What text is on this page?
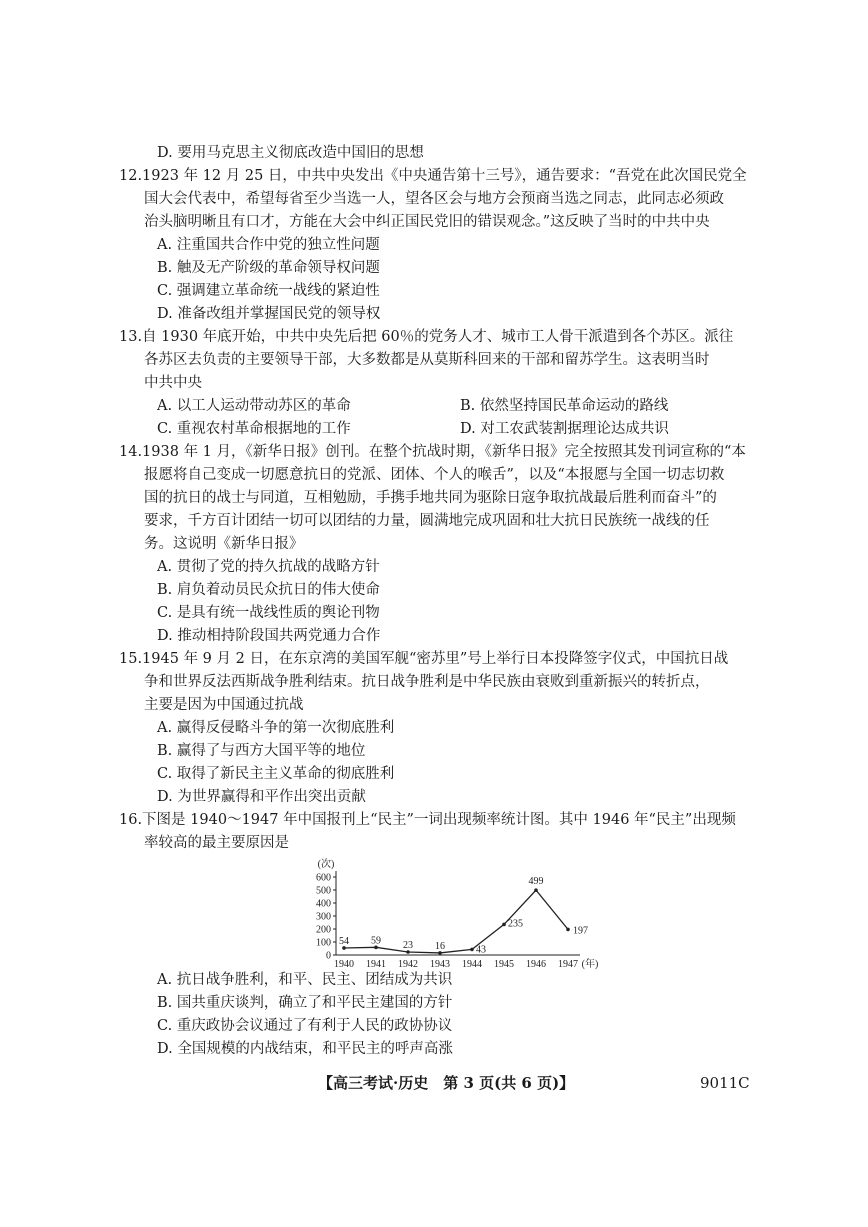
D. 要用马克思主义彻底改造中国旧的思想
12.1923 年 12 月 25 日，中共中央发出《中央通告第十三号》，通告要求：“吾党在此次国民党全
国大会代表中，希望每省至少当选一人，望各区会与地方会预商当选之同志，此同志必须政
治头脑明晰且有口才，方能在大会中纠正国民党旧的错误观念。”这反映了当时的中共中央
A. 注重国共合作中党的独立性问题
B. 触及无产阶级的革命领导权问题
C. 强调建立革命统一战线的紧迫性
D. 准备改组并掌握国民党的领导权
13.自 1930 年底开始，中共中央先后把 60％的党务人才、城市工人骨干派遣到各个苏区。派往
各苏区去负责的主要领导干部，大多数都是从莫斯科回来的干部和留苏学生。这表明当时
中共中央
A. 以工人运动带动苏区的革命	B. 依然坚持国民革命运动的路线
C. 重视农村革命根据地的工作	D. 对工农武装割据理论达成共识
14.1938 年 1 月，《新华日报》创刊。在整个抗战时期，《新华日报》完全按照其发刊词宣称的“本
报愿将自己变成一切愿意抗日的党派、团体、个人的喉舌”，以及“本报愿与全国一切志切救
国的抗日的战士与同道，互相勉励，手携手地共同为驱除日寇争取抗战最后胜利而奋斗”的
要求，千方百计团结一切可以团结的力量，圆满地完成巩固和壮大抗日民族统一战线的任
务。这说明《新华日报》
A. 贯彻了党的持久抗战的战略方针
B. 肩负着动员民众抗日的伟大使命
C. 是具有统一战线性质的舆论刊物
D. 推动相持阶段国共两党通力合作
15.1945 年 9 月 2 日，在东京湾的美国军舰“密苏里”号上举行日本投降签字仪式，中国抗日战
争和世界反法西斯战争胜利结束。抗日战争胜利是中华民族由衰败到重新振兴的转折点，
主要是因为中国通过抗战
A. 赢得反侵略斗争的第一次彻底胜利
B. 赢得了与西方大国平等的地位
C. 取得了新民主主义革命的彻底胜利
D. 为世界赢得和平作出突出贡献
16.下图是 1940～1947 年中国报刊上“民主”一词出现频率统计图。其中 1946 年“民主”出现频
率较高的最主要原因是
0
100
200
300
400
500
600
(次)
1940 1941 1942 1943 1944 1945 1946 1947 (年)
54 59 23 16	43
235
499
197
A. 抗日战争胜利，和平、民主、团结成为共识
B. 国共重庆谈判，确立了和平民主建国的方针
C. 重庆政协会议通过了有利于人民的政协协议
D. 全国规模的内战结束，和平民主的呼声高涨
【高三考试·历史　第 3 页(共 6 页)】	9011C
